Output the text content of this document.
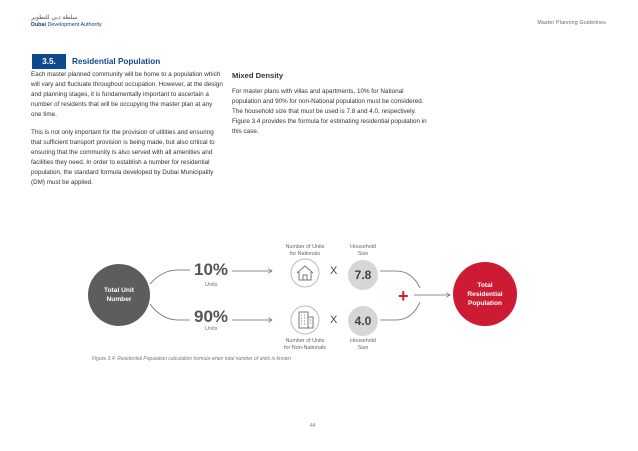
سلطة دبي للتطوير
Dubai Development Authority	Master Planning Guidelines
3.5.	Residential Population

Each master planned community will be home to a population which will vary and fluctuate throughout occupation. However, at the design and planning stages, it is fundamentally important to ascertain a number of residents that will be occupying the master plan at any one time.

This is not only important for the provision of utilities and ensuring that sufficient transport provision is being made, but also critical to ensuring that the community is also served with all amenities and facilities they need. In order to establish a number for residential population, the standard formula developed by Dubai Municipality (DM) must be applied.

Mixed Density

For master plans with villas and apartments, 10% for National population and 90% for non-National population must be considered. The household size that must be used is 7.8 and 4.0, respectively. Figure 3.4 provides the formula for estimating residential population in this case.

Total Unit Number
10%
Units
90%
Units
Number of Units
for Nationals
Number of Units
for Non-Nationals
Household
Size
Household
Size
X
X
7.8
4.0
+
Total Residential Population
Figure 3.4: Residential Population calculation formula when total number of units is known
44
